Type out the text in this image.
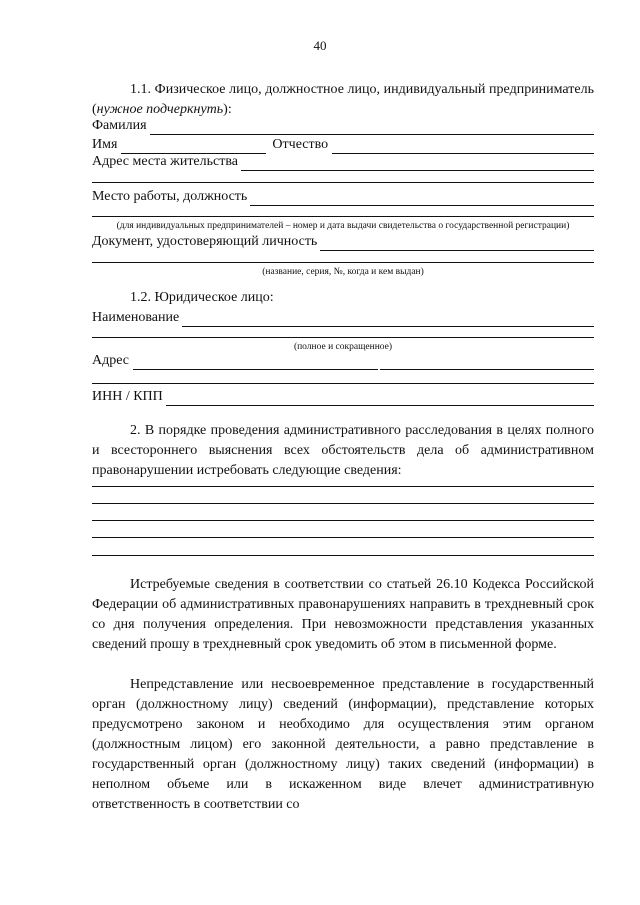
40
1.1. Физическое лицо, должностное лицо, индивидуальный предприниматель (нужное подчеркнуть):
Фамилия
Имя	Отчество
Адрес места жительства
Место работы, должность
(для индивидуальных предпринимателей – номер и дата выдачи свидетельства о государственной регистрации)
Документ, удостоверяющий личность
(название, серия, №, когда и кем выдан)
1.2. Юридическое лицо:
Наименование
(полное и сокращенное)
Адрес
ИНН / КПП
2. В порядке проведения административного расследования в целях полного и всестороннего выяснения всех обстоятельств дела об административном правонарушении истребовать следующие сведения:
Истребуемые сведения в соответствии со статьей 26.10 Кодекса Российской Федерации об административных правонарушениях направить в трехдневный срок со дня получения определения. При невозможности представления указанных сведений прошу в трехдневный срок уведомить об этом в письменной форме.
Непредставление или несвоевременное представление в государственный орган (должностному лицу) сведений (информации), представление которых предусмотрено законом и необходимо для осуществления этим органом (должностным лицом) его законной деятельности, а равно представление в государственный орган (должностному лицу) таких сведений (информации) в неполном объеме или в искаженном виде влечет административную ответственность в соответствии со
